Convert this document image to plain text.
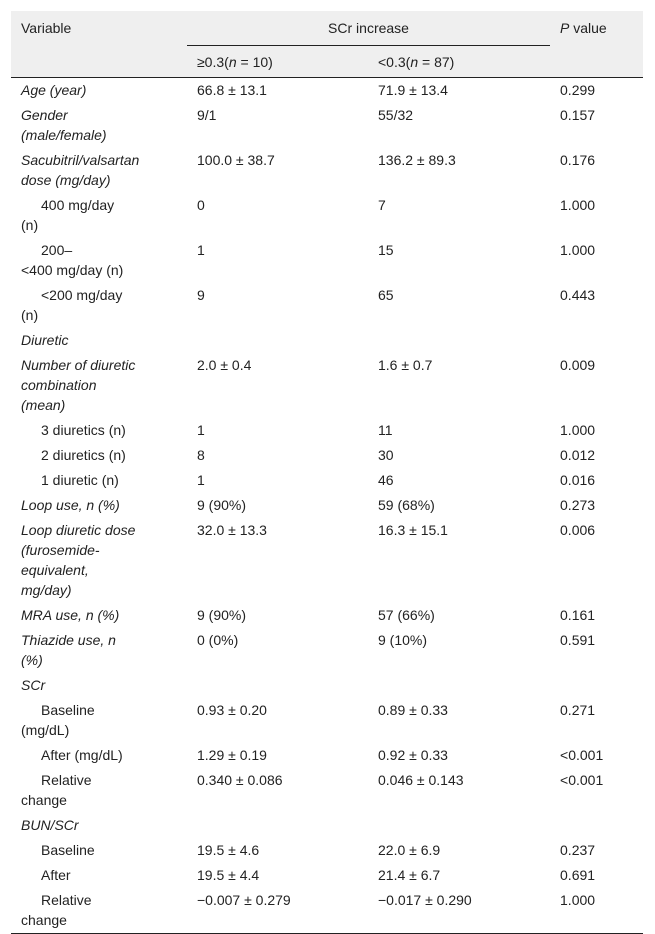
Variable	SCr increase		P value
	≥0.3(n = 10)	<0.3(n = 87)	

Age (year)	66.8 ± 13.1	71.9 ± 13.4	0.299

Gender
(male/female)	9/1	55/32	0.157

Sacubitril/valsartan
dose (mg/day)	100.0 ± 38.7	136.2 ± 89.3	0.176

400 mg/day
(n)	0	7	1.000

200–
<400 mg/day (n)	1	15	1.000

<200 mg/day
(n)	9	65	0.443

Diuretic			

Number of diuretic
combination
(mean)	2.0 ± 0.4	1.6 ± 0.7	0.009

3 diuretics (n)	1	11	1.000

2 diuretics (n)	8	30	0.012

1 diuretic (n)	1	46	0.016

Loop use, n (%)	9 (90%)	59 (68%)	0.273

Loop diuretic dose
(furosemide-
equivalent,
mg/day)	32.0 ± 13.3	16.3 ± 15.1	0.006

MRA use, n (%)	9 (90%)	57 (66%)	0.161

Thiazide use, n
(%)	0 (0%)	9 (10%)	0.591

SCr			

Baseline
(mg/dL)	0.93 ± 0.20	0.89 ± 0.33	0.271

After (mg/dL)	1.29 ± 0.19	0.92 ± 0.33	<0.001

Relative
change	0.340 ± 0.086	0.046 ± 0.143	<0.001

BUN/SCr			

Baseline	19.5 ± 4.6	22.0 ± 6.9	0.237

After	19.5 ± 4.4	21.4 ± 6.7	0.691

Relative
change	−0.007 ± 0.279	−0.017 ± 0.290	1.000
